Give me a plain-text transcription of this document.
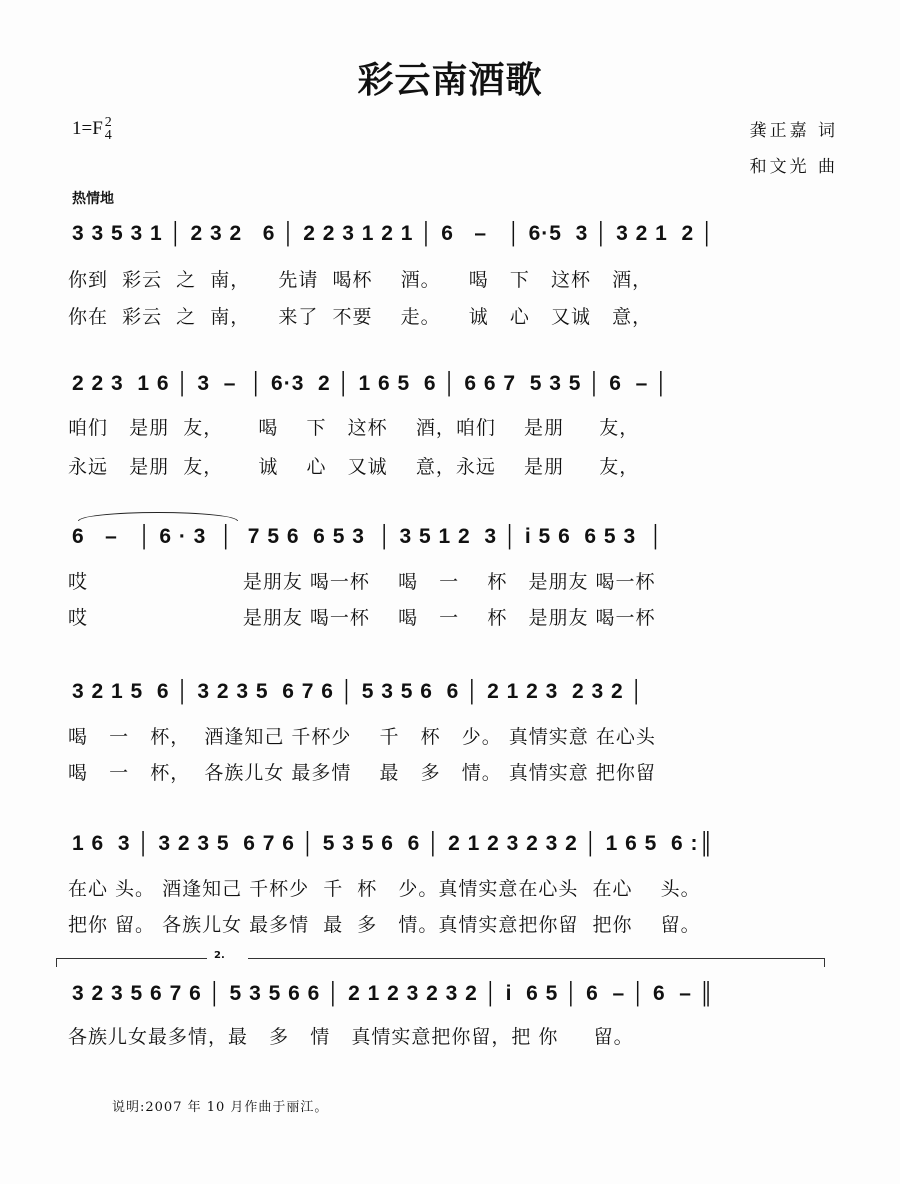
彩云南酒歌
1=F 2
4	龚正嘉 词
和文光 曲
热情地
3 3 5 3 1 │ 2 3 2   6 │ 2 2 3 1 2 1 │ 6   –   │ 6·5  3 │ 3 2 1  2 │
你到  彩云  之  南，    先请  喝杯    酒。    喝   下   这杯   酒，
你在  彩云  之  南，    来了  不要    走。    诚   心   又诚   意，
2 2 3  1 6 │ 3  –  │ 6·3  2 │ 1 6 5  6 │ 6 6 7  5 3 5 │ 6  – │
咱们   是朋  友，     喝    下   这杯    酒，咱们    是朋     友，
永远   是朋  友，     诚    心   又诚    意，永远    是朋     友，
6   –   │ 6 · 3  │  7 5 6  6 5 3  │ 3 5 1 2  3 │ i 5 6  6 5 3  │
哎                      是朋友 喝一杯    喝   一    杯   是朋友 喝一杯
哎                      是朋友 喝一杯    喝   一    杯   是朋友 喝一杯
3 2 1 5  6 │ 3 2 3 5  6 7 6 │ 5 3 5 6  6 │ 2 1 2 3  2 3 2 │
喝   一   杯，  酒逢知己 千杯少    千   杯   少。 真情实意 在心头
喝   一   杯，  各族儿女 最多情    最   多   情。 真情实意 把你留
1 6  3 │ 3 2 3 5  6 7 6 │ 5 3 5 6  6 │ 2 1 2 3 2 3 2 │ 1 6 5  6 :║
在心 头。 酒逢知己 千杯少  千  杯   少。真情实意在心头  在心    头。
把你 留。 各族儿女 最多情  最  多   情。真情实意把你留  把你    留。
2.
3 2 3 5 6 7 6 │ 5 3 5 6 6 │ 2 1 2 3 2 3 2 │ i  6 5 │ 6  – │ 6  – ║
各族儿女最多情，最   多   情   真情实意把你留，把 你     留。
说明:2007 年 10 月作曲于丽江。
